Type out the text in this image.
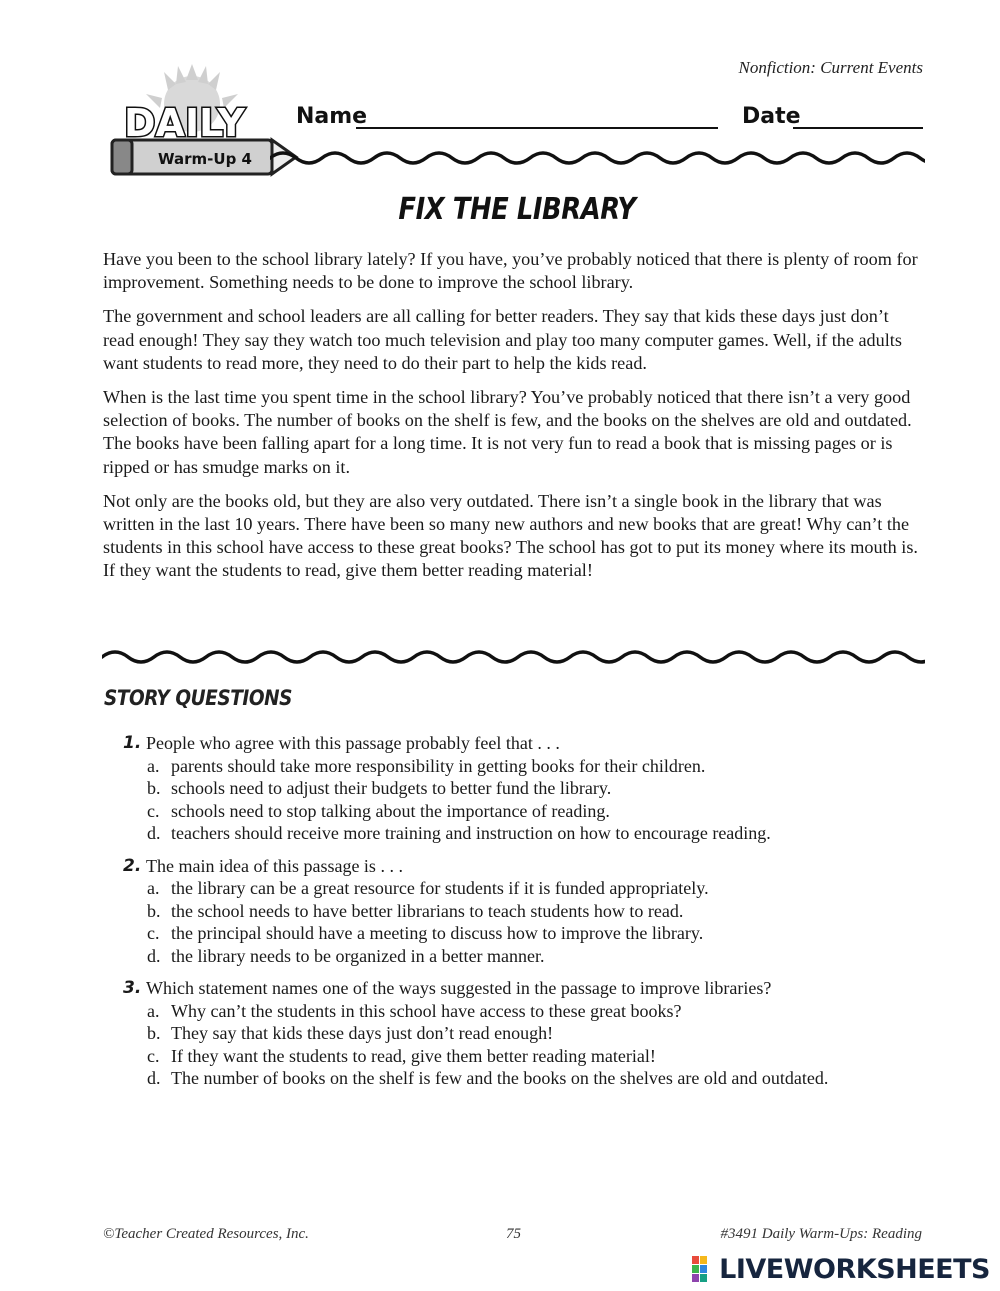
Nonfiction: Current Events
DAILY
Warm-Up 4
Name	Date
FIX THE LIBRARY

Have you been to the school library lately? If you have, you’ve probably noticed that there is plenty of room for improvement. Something needs to be done to improve the school library.

The government and school leaders are all calling for better readers. They say that kids these days just don’t read enough! They say they watch too much television and play too many computer games. Well, if the adults want students to read more, they need to do their part to help the kids read.

When is the last time you spent time in the school library? You’ve probably noticed that there isn’t a very good selection of books. The number of books on the shelf is few, and the books on the shelves are old and outdated. The books have been falling apart for a long time. It is not very fun to read a book that is missing pages or is ripped or has smudge marks on it.

Not only are the books old, but they are also very outdated. There isn’t a single book in the library that was written in the last 10 years. There have been so many new authors and new books that are great! Why can’t the students in this school have access to these great books? The school has got to put its money where its mouth is. If they want the students to read, give them better reading material!

STORY QUESTIONS
1. People who agree with this passage probably feel that . . .
a. parents should take more responsibility in getting books for their children.
b. schools need to adjust their budgets to better fund the library.
c. schools need to stop talking about the importance of reading.
d. teachers should receive more training and instruction on how to encourage reading.
2. The main idea of this passage is . . .
a. the library can be a great resource for students if it is funded appropriately.
b. the school needs to have better librarians to teach students how to read.
c. the principal should have a meeting to discuss how to improve the library.
d. the library needs to be organized in a better manner.
3. Which statement names one of the ways suggested in the passage to improve libraries?
a. Why can’t the students in this school have access to these great books?
b. They say that kids these days just don’t read enough!
c. If they want the students to read, give them better reading material!
d. The number of books on the shelf is few and the books on the shelves are old and outdated.
©Teacher Created Resources, Inc.	75	#3491 Daily Warm-Ups: Reading
LIVEWORKSHEETS
